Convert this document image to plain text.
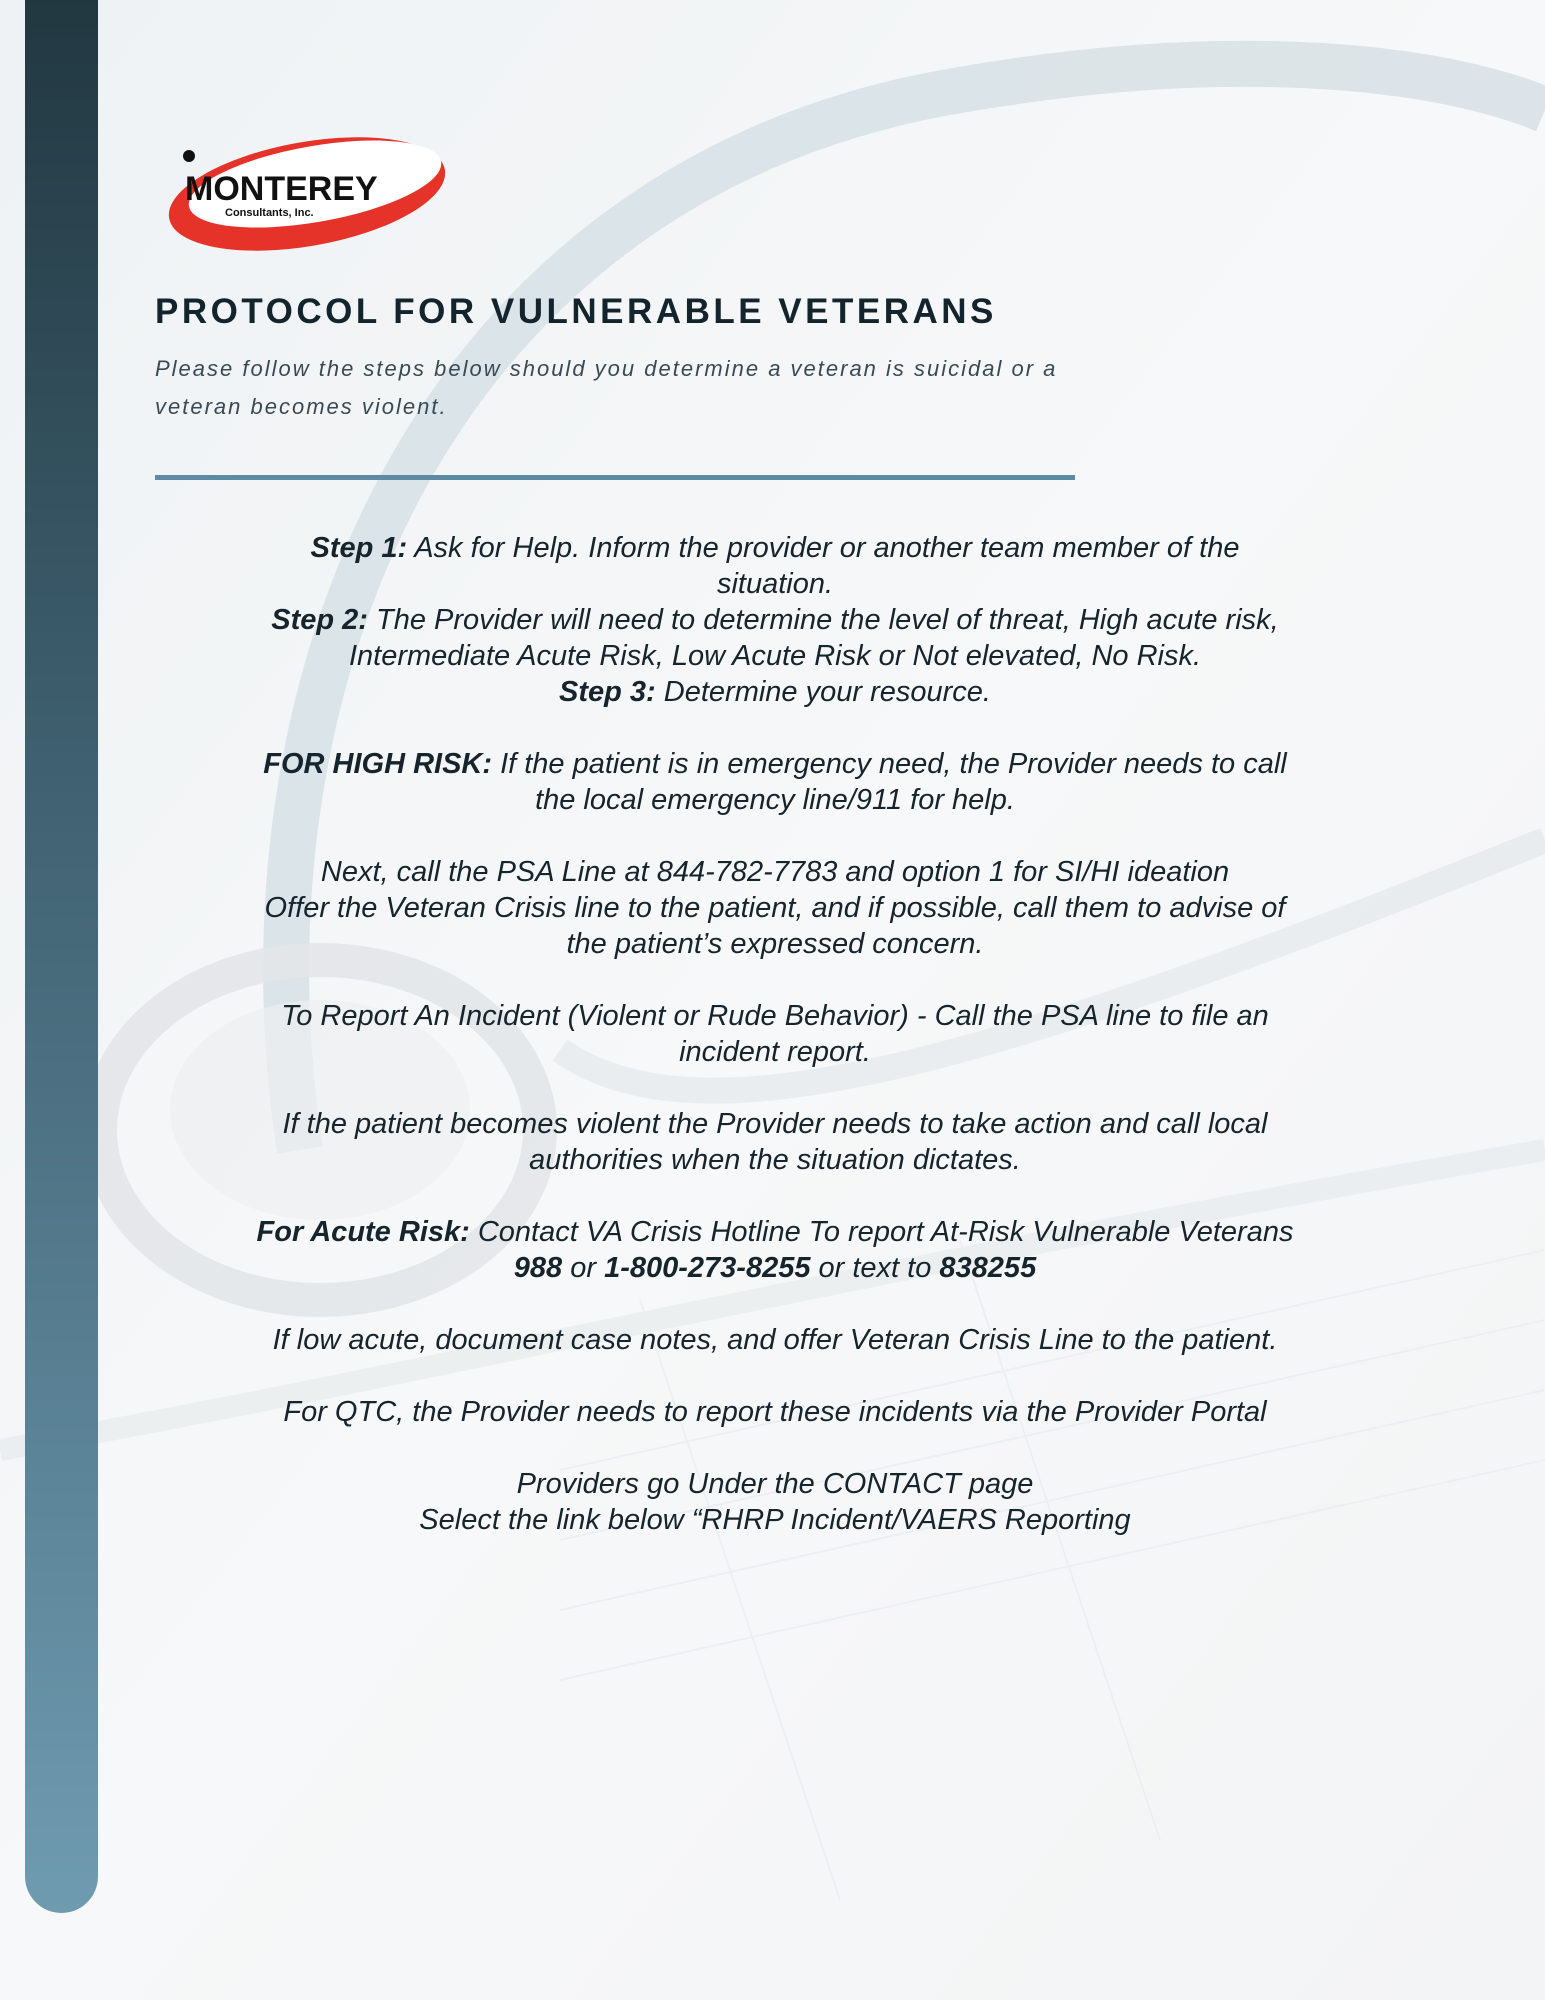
MONTEREY
Consultants, Inc.
PROTOCOL FOR VULNERABLE VETERANS
Please follow the steps below should you determine a veteran is suicidal or a
veteran becomes violent.

Step 1: Ask for Help. Inform the provider or another team member of the

situation.

Step 2: The Provider will need to determine the level of threat, High acute risk,

Intermediate Acute Risk, Low Acute Risk or Not elevated, No Risk.

Step 3: Determine your resource.

FOR HIGH RISK: If the patient is in emergency need, the Provider needs to call

the local emergency line/911 for help.

Next, call the PSA Line at 844-782-7783 and option 1 for SI/HI ideation

Offer the Veteran Crisis line to the patient, and if possible, call them to advise of

the patient’s expressed concern.

To Report An Incident (Violent or Rude Behavior) - Call the PSA line to file an

incident report.

If the patient becomes violent the Provider needs to take action and call local

authorities when the situation dictates.

For Acute Risk: Contact VA Crisis Hotline To report At-Risk Vulnerable Veterans

988 or 1-800-273-8255 or text to 838255

If low acute, document case notes, and offer Veteran Crisis Line to the patient.

For QTC, the Provider needs to report these incidents via the Provider Portal

Providers go Under the CONTACT page

Select the link below “RHRP Incident/VAERS Reporting
